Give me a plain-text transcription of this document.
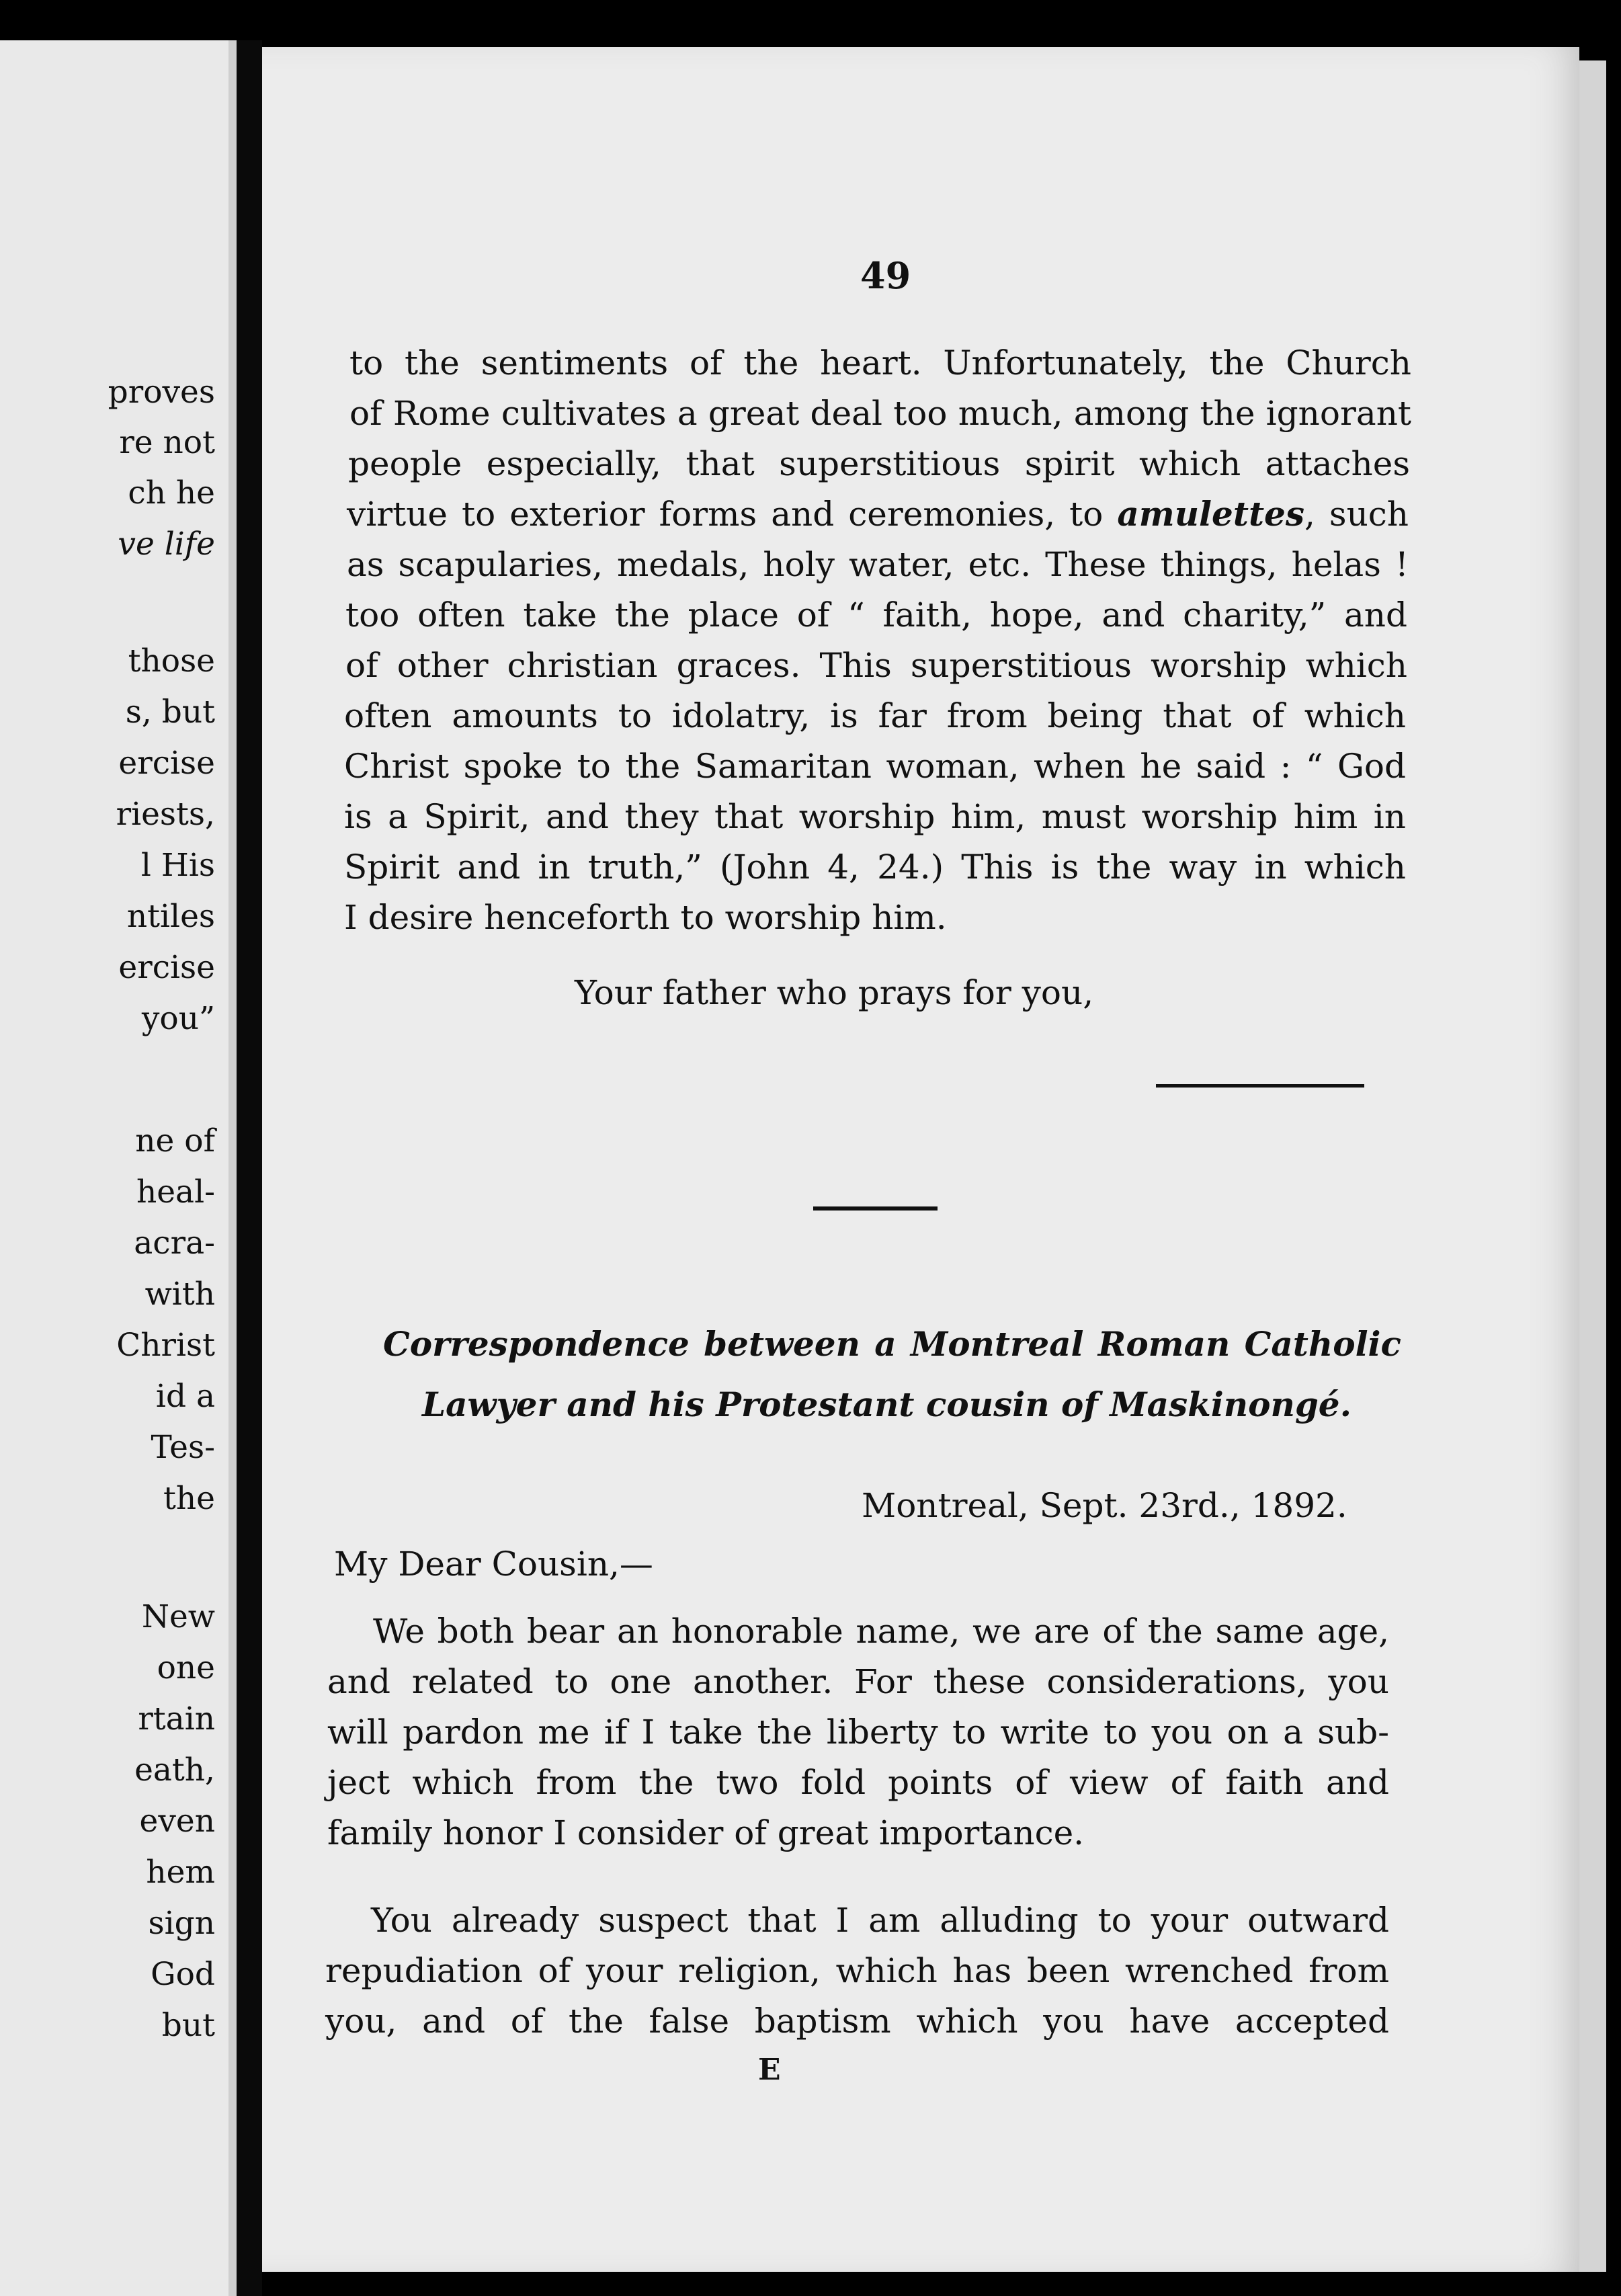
proves
re not
ch he
ve life
those
s, but
ercise
riests,
l His
ntiles
ercise
you”
ne of
heal-
acra-
with
Christ
id a
Tes-
the
New
one
rtain
eath,
even
hem
sign
God
but
49
to the sentiments of the heart. Unfortunately, the Church
of Rome cultivates a great deal too much, among the ignorant
people especially, that superstitious spirit which attaches
virtue to exterior forms and ceremonies, to amulettes, such
as scapularies, medals, holy water, etc. These things, helas !
too often take the place of “ faith, hope, and charity,” and
of other christian graces. This superstitious worship which
often amounts to idolatry, is far from being that of which
Christ spoke to the Samaritan woman, when he said : “ God
is a Spirit, and they that worship him, must worship him in
Spirit and in truth,” (John 4, 24.) This is the way in which
I desire henceforth to worship him.
Your father who prays for you,
Correspondence between a Montreal Roman Catholic
Lawyer and his Protestant cousin of Maskinongé.
Montreal, Sept. 23rd., 1892.
My Dear Cousin,—
We both bear an honorable name, we are of the same age,
and related to one another. For these considerations, you
will pardon me if I take the liberty to write to you on a sub-
ject which from the two fold points of view of faith and
family honor I consider of great importance.
You already suspect that I am alluding to your outward
repudiation of your religion, which has been wrenched from
you, and of the false baptism which you have accepted
E
